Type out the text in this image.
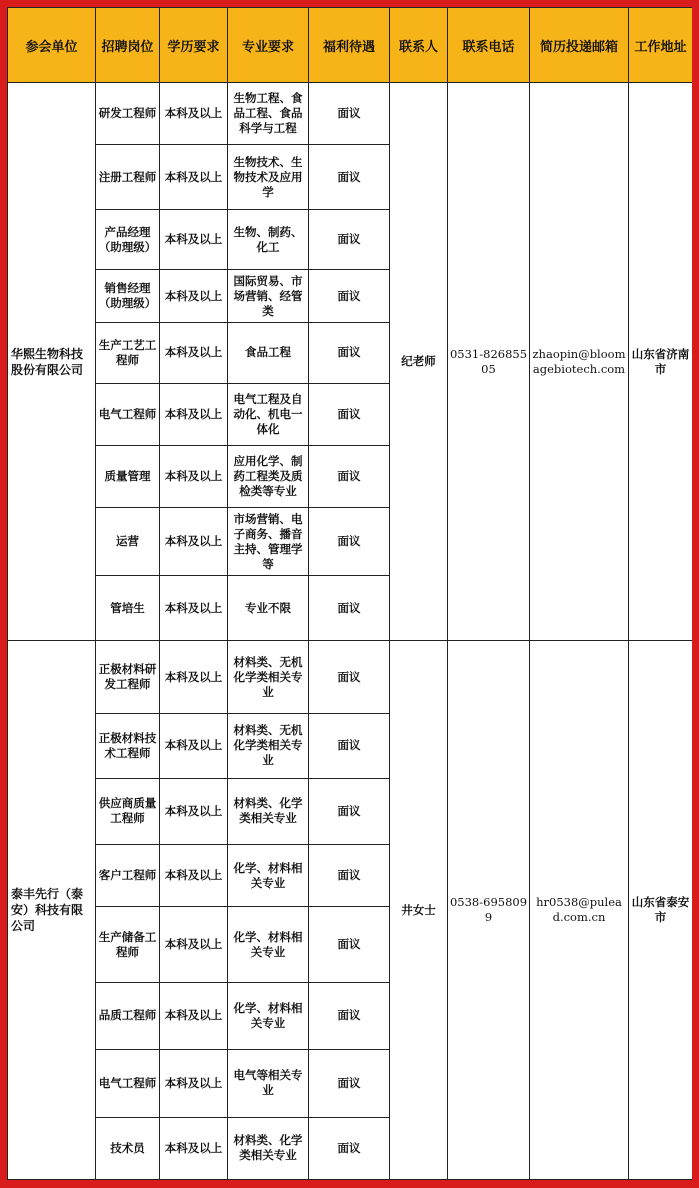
参会单位	招聘岗位	学历要求	专业要求	福利待遇	联系人	联系电话	简历投递邮箱	工作地址
华熙生物科技股份有限公司	研发工程师	本科及以上	生物工程、食品工程、食品科学与工程	面议	纪老师	0531-82685505	zhaopin@bloomagebiotech.com	山东省济南市
	注册工程师	本科及以上	生物技术、生物技术及应用学	面议				
	产品经理（助理级）	本科及以上	生物、制药、化工	面议				
	销售经理（助理级）	本科及以上	国际贸易、市场营销、经管类	面议				
	生产工艺工程师	本科及以上	食品工程	面议				
	电气工程师	本科及以上	电气工程及自动化、机电一体化	面议				
	质量管理	本科及以上	应用化学、制药工程类及质检类等专业	面议				
	运营	本科及以上	市场营销、电子商务、播音主持、管理学等	面议				
	管培生	本科及以上	专业不限	面议				
泰丰先行（泰安）科技有限公司	正极材料研发工程师	本科及以上	材料类、无机化学类相关专业	面议	井女士	0538-6958099	hr0538@pulead.com.cn	山东省泰安市
	正极材料技术工程师	本科及以上	材料类、无机化学类相关专业	面议				
	供应商质量工程师	本科及以上	材料类、化学类相关专业	面议				
	客户工程师	本科及以上	化学、材料相关专业	面议				
	生产储备工程师	本科及以上	化学、材料相关专业	面议				
	品质工程师	本科及以上	化学、材料相关专业	面议				
	电气工程师	本科及以上	电气等相关专业	面议				
	技术员	本科及以上	材料类、化学类相关专业	面议				
